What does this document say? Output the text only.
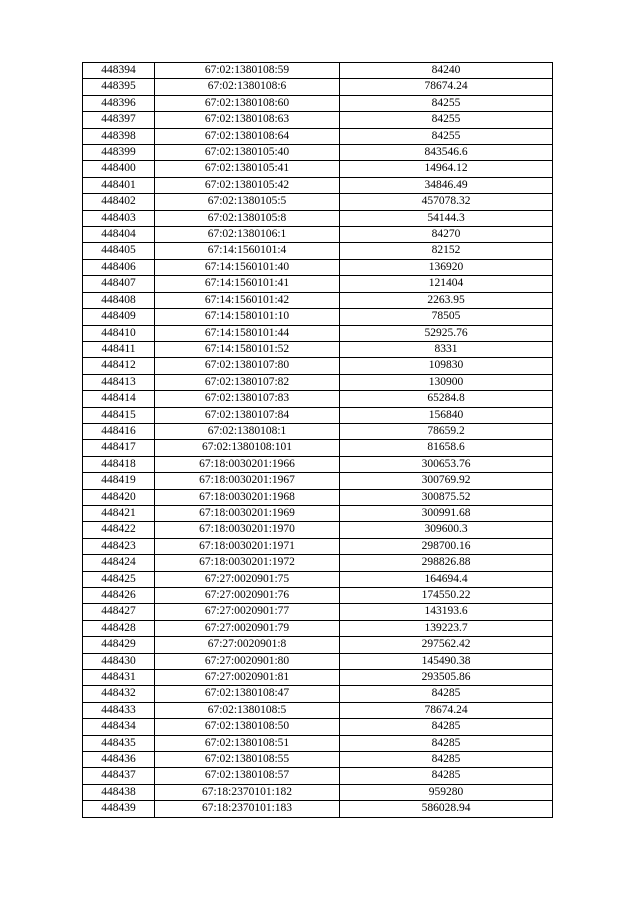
448394	67:02:1380108:59	84240
448395	67:02:1380108:6	78674.24
448396	67:02:1380108:60	84255
448397	67:02:1380108:63	84255
448398	67:02:1380108:64	84255
448399	67:02:1380105:40	843546.6
448400	67:02:1380105:41	14964.12
448401	67:02:1380105:42	34846.49
448402	67:02:1380105:5	457078.32
448403	67:02:1380105:8	54144.3
448404	67:02:1380106:1	84270
448405	67:14:1560101:4	82152
448406	67:14:1560101:40	136920
448407	67:14:1560101:41	121404
448408	67:14:1560101:42	2263.95
448409	67:14:1580101:10	78505
448410	67:14:1580101:44	52925.76
448411	67:14:1580101:52	8331
448412	67:02:1380107:80	109830
448413	67:02:1380107:82	130900
448414	67:02:1380107:83	65284.8
448415	67:02:1380107:84	156840
448416	67:02:1380108:1	78659.2
448417	67:02:1380108:101	81658.6
448418	67:18:0030201:1966	300653.76
448419	67:18:0030201:1967	300769.92
448420	67:18:0030201:1968	300875.52
448421	67:18:0030201:1969	300991.68
448422	67:18:0030201:1970	309600.3
448423	67:18:0030201:1971	298700.16
448424	67:18:0030201:1972	298826.88
448425	67:27:0020901:75	164694.4
448426	67:27:0020901:76	174550.22
448427	67:27:0020901:77	143193.6
448428	67:27:0020901:79	139223.7
448429	67:27:0020901:8	297562.42
448430	67:27:0020901:80	145490.38
448431	67:27:0020901:81	293505.86
448432	67:02:1380108:47	84285
448433	67:02:1380108:5	78674.24
448434	67:02:1380108:50	84285
448435	67:02:1380108:51	84285
448436	67:02:1380108:55	84285
448437	67:02:1380108:57	84285
448438	67:18:2370101:182	959280
448439	67:18:2370101:183	586028.94
